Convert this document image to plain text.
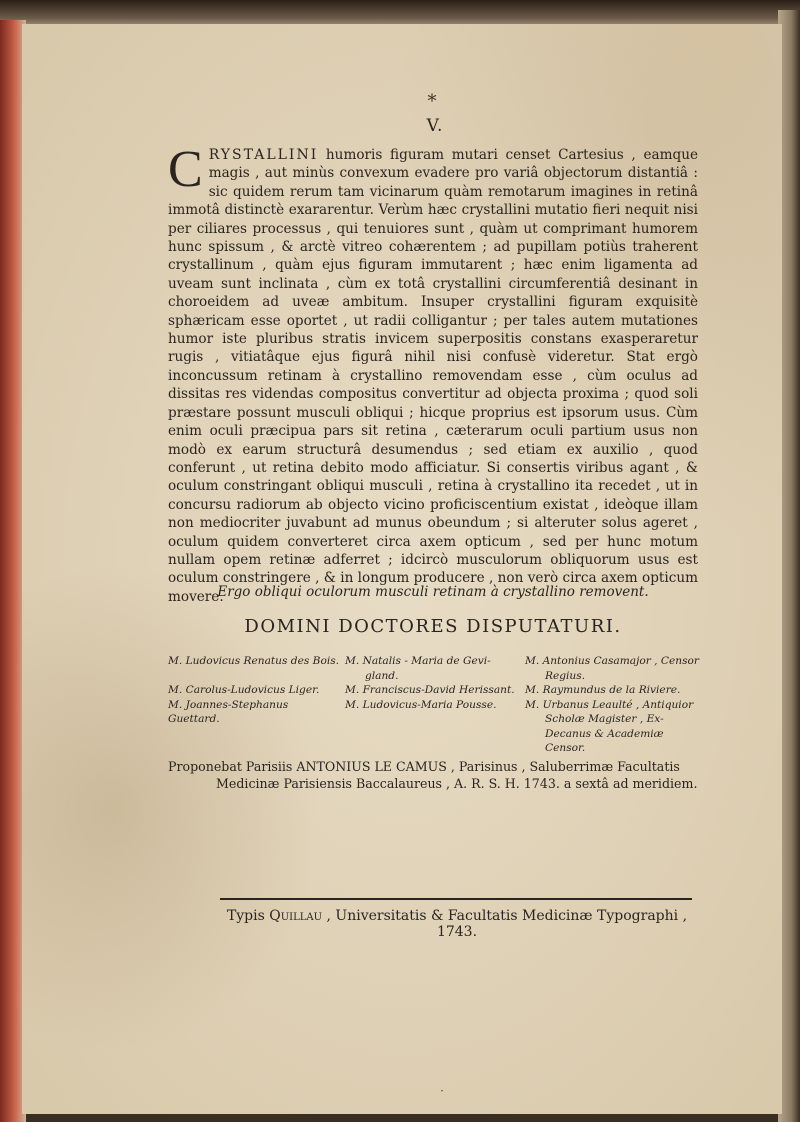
*
V.
CRYSTALLINI humoris figuram mutari censet Cartesius , eamque magis , aut minùs convexum evadere pro variâ objectorum distantiâ : sic quidem rerum tam vicinarum quàm remotarum imagines in retinâ immotâ distinctè exararentur. Verùm hæc crystallini mutatio fieri nequit nisi per ciliares processus , qui tenuiores sunt , quàm ut comprimant humorem hunc spissum , & arctè vitreo cohærentem ; ad pupillam potiùs traherent crystallinum , quàm ejus figuram immutarent ; hæc enim ligamenta ad uveam sunt inclinata , cùm ex totâ crystallini circumferentiâ desinant in choroeidem ad uveæ ambitum. Insuper crystallini figuram exquisitè sphæricam esse oportet , ut radii colligantur ; per tales autem mutationes humor iste pluribus stratis invicem superpositis constans exasperaretur rugis , vitiatâque ejus figurâ nihil nisi confusè videretur. Stat ergò inconcussum retinam à crystallino removendam esse , cùm oculus ad dissitas res videndas compositus convertitur ad objecta proxima ; quod soli præstare possunt musculi obliqui ; hicque proprius est ipsorum usus. Cùm enim oculi præcipua pars sit retina , cæterarum oculi partium usus non modò ex earum structurâ desumendus ; sed etiam ex auxilio , quod conferunt , ut retina debito modo afficiatur. Si consertis viribus agant , & oculum constringant obliqui musculi , retina à crystallino ita recedet , ut in concursu radiorum ab objecto vicino proficiscentium existat , ideòque illam non mediocriter juvabunt ad munus obeundum ; si alteruter solus ageret , oculum quidem converteret circa axem opticum , sed per hunc motum nullam opem retinæ adferret ; idcircò musculorum obliquorum usus est oculum constringere , & in longum producere , non verò circa axem opticum movere.
Ergo obliqui oculorum musculi retinam à crystallino removent.
DOMINI DOCTORES DISPUTATURI.
M. Ludovicus Renatus des Bois. M. Natalis - Maria de Gevi-
gland.
M. Antonius Casamajor , Censor
Regius.
M. Carolus-Ludovicus Liger.	M. Franciscus-David Herissant. M. Raymundus de la Riviere.
M. Joannes-Stephanus Guettard.
M. Ludovicus-Maria Pousse.	M. Urbanus Leaulté , Antiquior
Scholæ Magister , Ex-Decanus & Academiæ Censor.
Proponebat Parisiis ANTONIUS LE CAMUS , Parisinus , Saluberrimæ Facultatis
Medicinæ Parisiensis Baccalaureus , A. R. S. H. 1743. a sextâ ad meridiem.
Typis Quillau , Universitatis & Facultatis Medicinæ Typographi , 1743.
·
